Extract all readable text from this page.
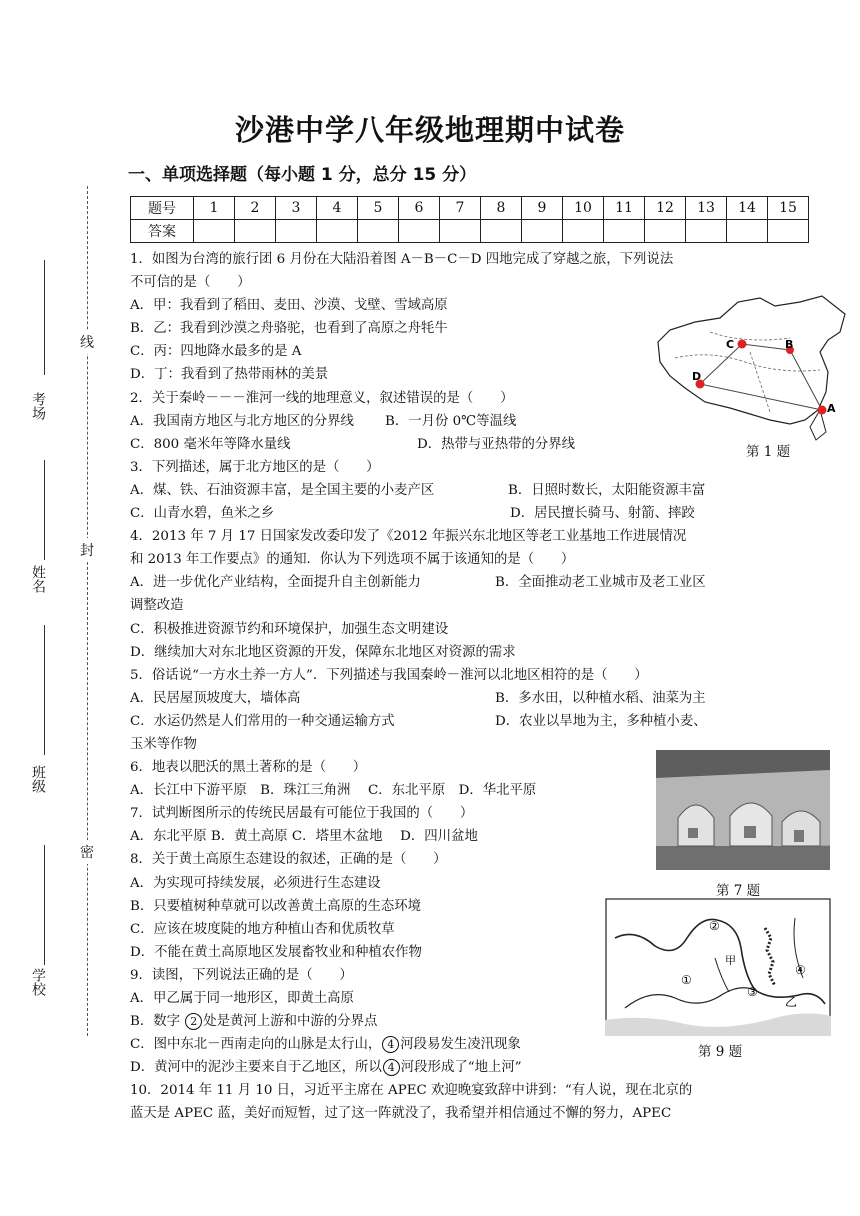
线
封
密
考场
姓名
班级
学校
沙港中学八年级地理期中试卷
一、单项选择题（每小题 1 分，总分 15 分）
题号	1	2	3	4	5	6	7	8	9	10	11	12	13	14	15
答案															

1．如图为台湾的旅行团 6 月份在大陆沿着图 A－B－C－D 四地完成了穿越之旅，下列说法

不可信的是（　　）

A．甲：我看到了稻田、麦田、沙漠、戈壁、雪域高原

B．乙：我看到沙漠之舟骆驼，也看到了高原之舟牦牛

C．丙：四地降水最多的是 A

D．丁：我看到了热带雨林的美景

2．关于秦岭－－－淮河一线的地理意义，叙述错误的是（　　）

A．我国南方地区与北方地区的分界线 B．一月份 0℃等温线

C．800 毫米年等降水量线	D．热带与亚热带的分界线

3．下列描述，属于北方地区的是（　　）

A．煤、铁、石油资源丰富，是全国主要的小麦产区	B．日照时数长，太阳能资源丰富

C．山青水碧，鱼米之乡	D．居民擅长骑马、射箭、摔跤

4．2013 年 7 月 17 日国家发改委印发了《2012 年振兴东北地区等老工业基地工作进展情况

和 2013 年工作要点》的通知．你认为下列选项不属于该通知的是（　　）

A．进一步优化产业结构，全面提升自主创新能力	B．全面推动老工业城市及老工业区

调整改造

C．积极推进资源节约和环境保护，加强生态文明建设

D．继续加大对东北地区资源的开发，保障东北地区对资源的需求

5．俗话说“一方水土养一方人”．下列描述与我国秦岭－淮河以北地区相符的是（　　）

A．民居屋顶坡度大，墙体高	B．多水田，以种植水稻、油菜为主

C．水运仍然是人们常用的一种交通运输方式	D．农业以旱地为主，多种植小麦、

玉米等作物

6．地表以肥沃的黑土著称的是（　　）

A．长江中下游平原　B．珠江三角洲　 C．东北平原　D．华北平原

7．试判断图所示的传统民居最有可能位于我国的（　　）

A．东北平原 B．黄土高原 C．塔里木盆地　 D．四川盆地

8．关于黄土高原生态建设的叙述，正确的是（　　）

A．为实现可持续发展，必须进行生态建设

B．只要植树种草就可以改善黄土高原的生态环境

C．应该在坡度陡的地方种植山杏和优质牧草

D．不能在黄土高原地区发展畜牧业和种植农作物

9．读图，下列说法正确的是（　　）

A．甲乙属于同一地形区，即黄土高原

B．数字 2 处是黄河上游和中游的分界点

C．图中东北－西南走向的山脉是太行山， 4 河段易发生凌汛现象

D．黄河中的泥沙主要来自于乙地区，所以 4 河段形成了“地上河”

10．2014 年 11 月 10 日，习近平主席在 APEC 欢迎晚宴致辞中讲到：“有人说，现在北京的

蓝天是 APEC 蓝，美好而短暂，过了这一阵就没了，我希望并相信通过不懈的努力，APEC

A
B
C
D
第 1 题
第 7 题
①
②
③
④
甲
乙
第 9 题
